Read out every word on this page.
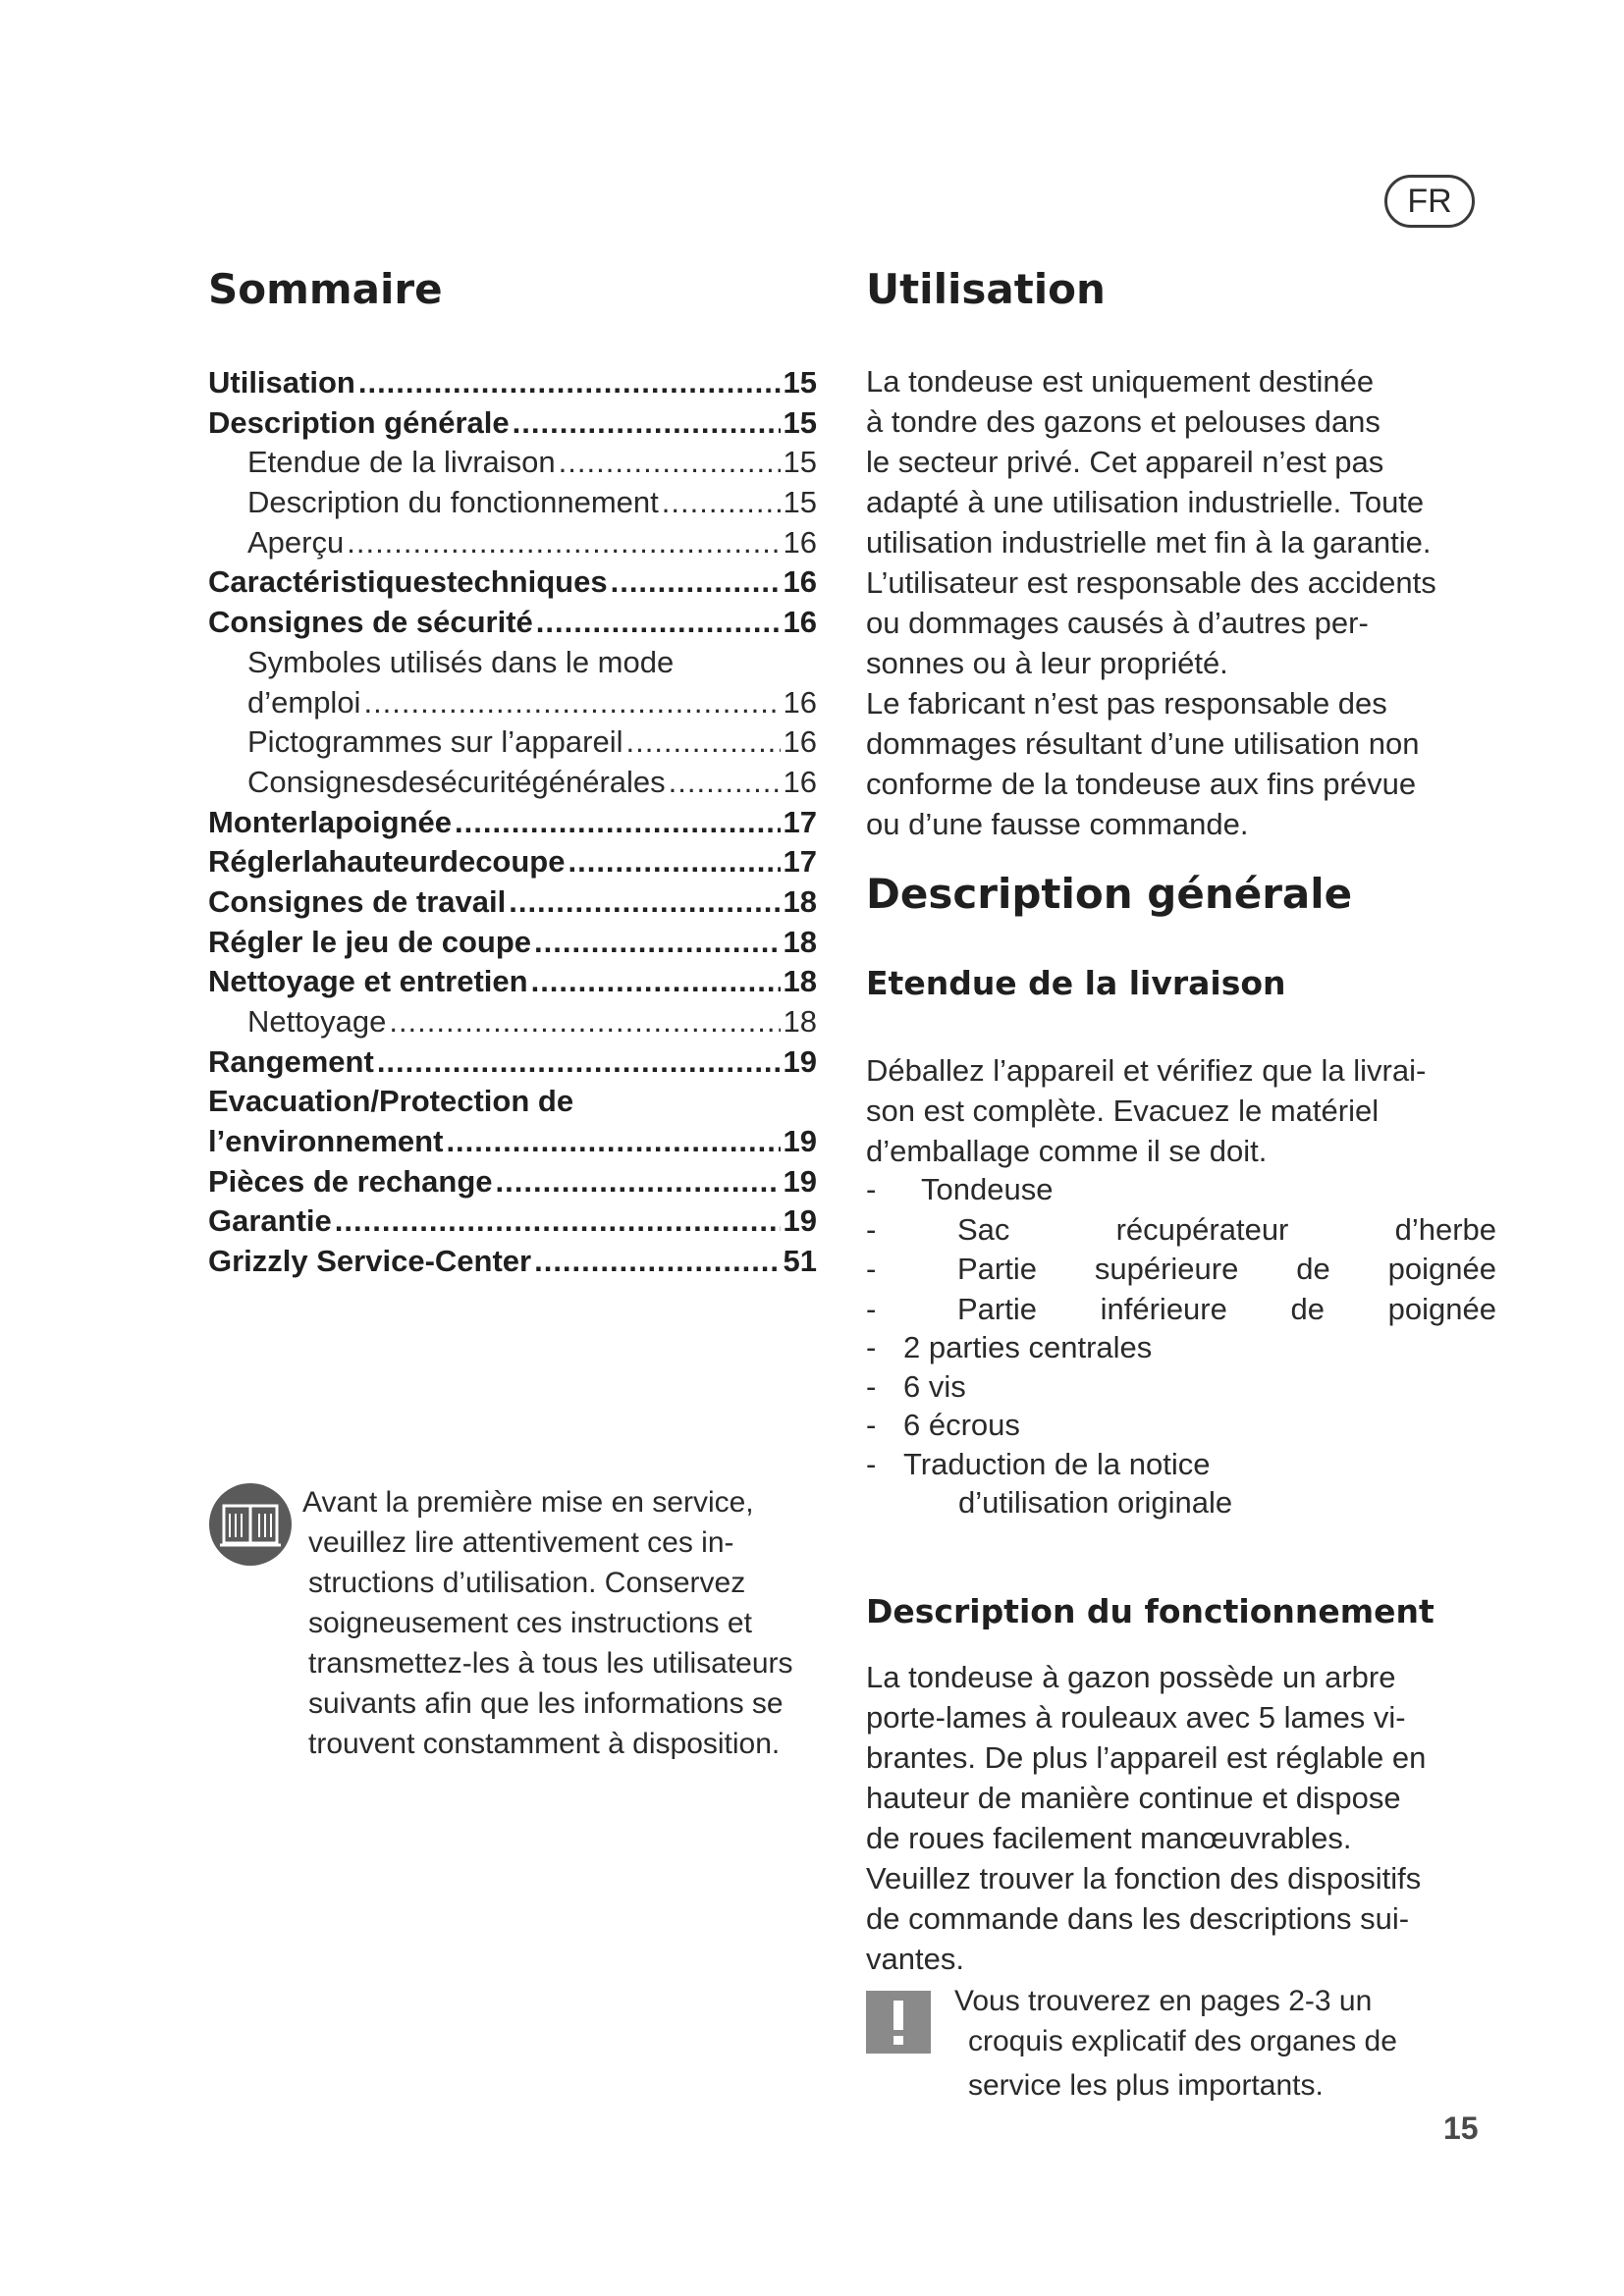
FR
Sommaire
Utilisation .....	15
Description générale .....	15
Etendue de la livraison .....	15
Description du fonctionnement .....	15
Aperçu .....	16
Caractéristiquestechniques .....	16
Consignes de sécurité .....	16
Symboles utilisés dans le mode
d’emploi .....	16
Pictogrammes sur l’appareil .....	16
Consignesdesécuritégénérales .....	16
Monterlapoignée .....	17
Réglerlahauteurdecoupe .....	17
Consignes de travail .....	18
Régler le jeu de coupe .....	18
Nettoyage et entretien .....	18
Nettoyage .....	18
Rangement .....	19
Evacuation/Protection de
l’environnement .....	19
Pièces de rechange .....	19
Garantie .....	19
Grizzly Service-Center .....	51
Avant la première mise en service,
veuillez lire attentivement ces in-
structions d’utilisation. Conservez
soigneusement ces instructions et
transmettez-les à tous les utilisateurs
suivants afin que les informations se
trouvent constamment à disposition.
Utilisation

La tondeuse est uniquement destinée

à tondre des gazons et pelouses dans

le secteur privé. Cet appareil n’est pas

adapté à une utilisation industrielle. Toute

utilisation industrielle met fin à la garantie.

L’utilisateur est responsable des accidents

ou dommages causés à d’autres per-

sonnes ou à leur propriété.

Le fabricant n’est pas responsable des

dommages résultant d’une utilisation non

conforme de la tondeuse aux fins prévue

ou d’une fausse commande.

Description générale
Etendue de la livraison

Déballez l’appareil et vérifiez que la livrai-

son est complète. Evacuez le matériel

d’emballage comme il se doit.

-	Tondeuse
-	Sac	récupérateur	d’herbe
-	Partie supérieure de poignée
-	Partie inférieure de poignée
- 2 parties centrales
- 6 vis
- 6 écrous
- Traduction de la notice
d’utilisation originale
Description du fonctionnement

La tondeuse à gazon possède un arbre

porte-lames à rouleaux avec 5 lames vi-

brantes. De plus l’appareil est réglable en

hauteur de manière continue et dispose

de roues facilement manœuvrables.

Veuillez trouver la fonction des dispositifs

de commande dans les descriptions sui-

vantes.

Vous trouverez en pages 2-3 un
croquis explicatif des organes de
service les plus importants.
15
